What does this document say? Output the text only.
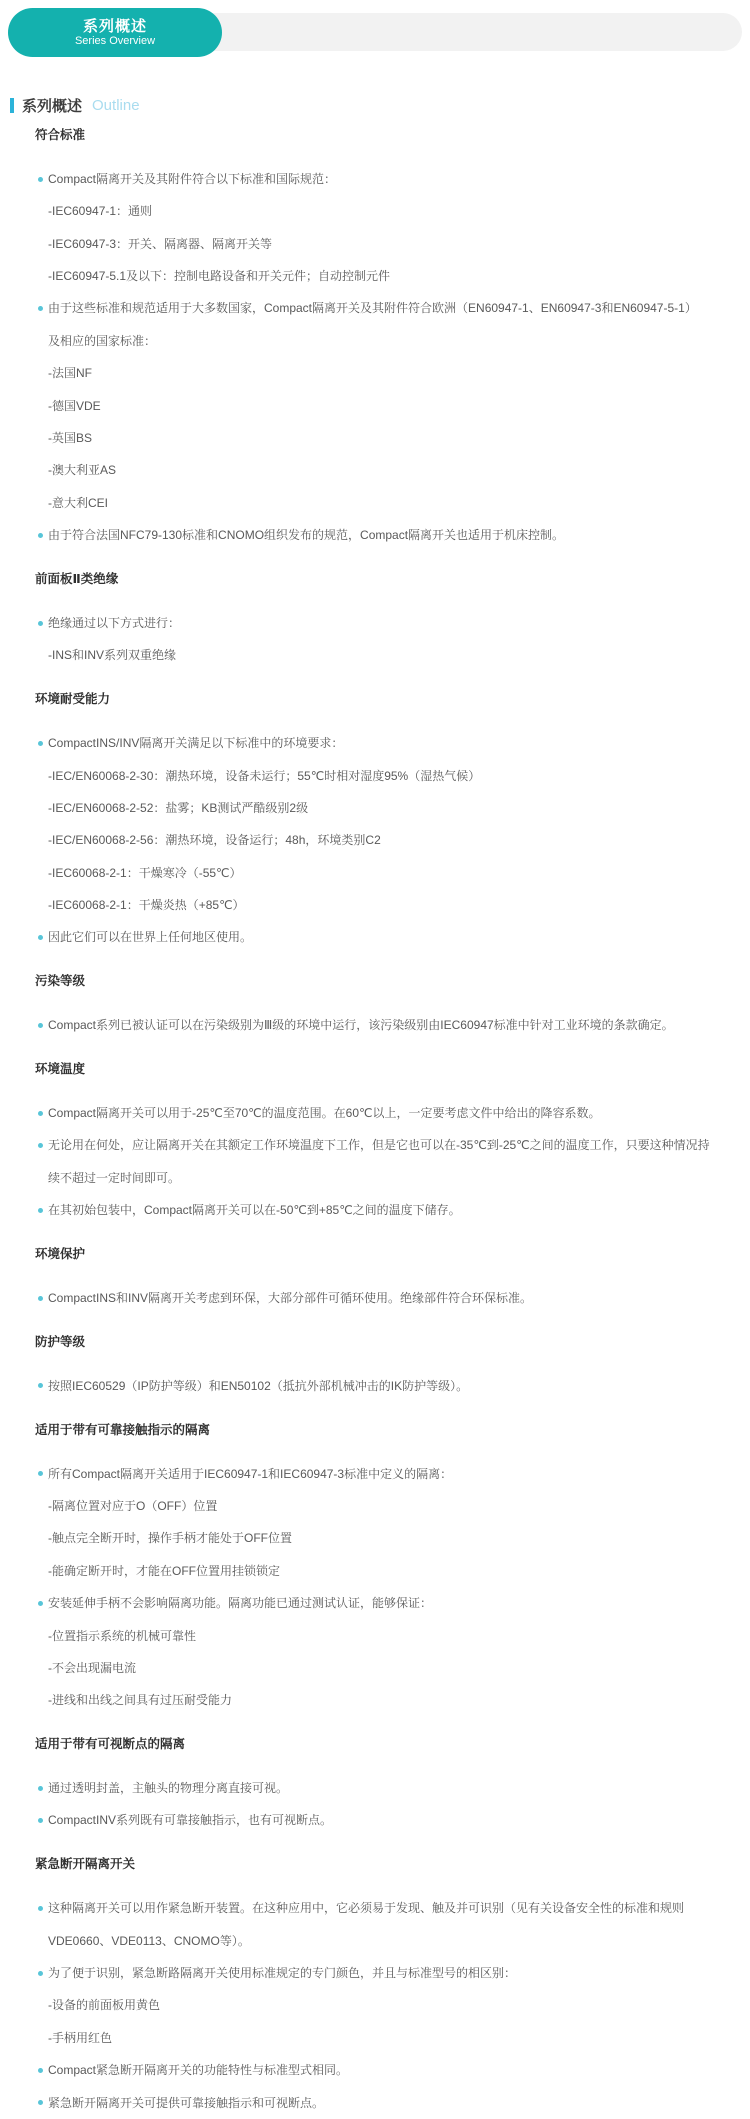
系列概述
Series Overview
系列概述 Outline
符合标准
Compact隔离开关及其附件符合以下标准和国际规范：
-IEC60947-1：通则
-IEC60947-3：开关、隔离器、隔离开关等
-IEC60947-5.1及以下：控制电路设备和开关元件；自动控制元件
由于这些标准和规范适用于大多数国家，Compact隔离开关及其附件符合欧洲（EN60947-1、EN60947-3和EN60947-5-1）
及相应的国家标准：
-法国NF
-德国VDE
-英国BS
-澳大利亚AS
-意大利CEI
由于符合法国NFC79-130标准和CNOMO组织发布的规范，Compact隔离开关也适用于机床控制。
前面板Ⅱ类绝缘
绝缘通过以下方式进行：
-INS和INV系列双重绝缘
环境耐受能力
CompactINS/INV隔离开关满足以下标准中的环境要求：
-IEC/EN60068-2-30：潮热环境，设备未运行；55℃时相对湿度95%（湿热气候）
-IEC/EN60068-2-52：盐雾；KB测试严酷级别2级
-IEC/EN60068-2-56：潮热环境，设备运行；48h，环境类别C2
-IEC60068-2-1：干燥寒冷（-55℃）
-IEC60068-2-1：干燥炎热（+85℃）
因此它们可以在世界上任何地区使用。
污染等级
Compact系列已被认证可以在污染级别为Ⅲ级的环境中运行，该污染级别由IEC60947标准中针对工业环境的条款确定。
环境温度
Compact隔离开关可以用于-25℃至70℃的温度范围。在60℃以上，一定要考虑文件中给出的降容系数。
无论用在何处，应让隔离开关在其额定工作环境温度下工作，但是它也可以在-35℃到-25℃之间的温度工作，只要这种情况持
续不超过一定时间即可。
在其初始包装中，Compact隔离开关可以在-50℃到+85℃之间的温度下储存。
环境保护
CompactINS和INV隔离开关考虑到环保，大部分部件可循环使用。绝缘部件符合环保标准。
防护等级
按照IEC60529（IP防护等级）和EN50102（抵抗外部机械冲击的IK防护等级）。
适用于带有可靠接触指示的隔离
所有Compact隔离开关适用于IEC60947-1和IEC60947-3标准中定义的隔离：
-隔离位置对应于O（OFF）位置
-触点完全断开时，操作手柄才能处于OFF位置
-能确定断开时，才能在OFF位置用挂锁锁定
安装延伸手柄不会影响隔离功能。隔离功能已通过测试认证，能够保证：
-位置指示系统的机械可靠性
-不会出现漏电流
-进线和出线之间具有过压耐受能力
适用于带有可视断点的隔离
通过透明封盖，主触头的物理分离直接可视。
CompactINV系列既有可靠接触指示，也有可视断点。
紧急断开隔离开关
这种隔离开关可以用作紧急断开装置。在这种应用中，它必须易于发现、触及并可识别（见有关设备安全性的标准和规则
VDE0660、VDE0113、CNOMO等）。
为了便于识别，紧急断路隔离开关使用标准规定的专门颜色，并且与标准型号的相区别：
-设备的前面板用黄色
-手柄用红色
Compact紧急断开隔离开关的功能特性与标准型式相同。
紧急断开隔离开关可提供可靠接触指示和可视断点。
